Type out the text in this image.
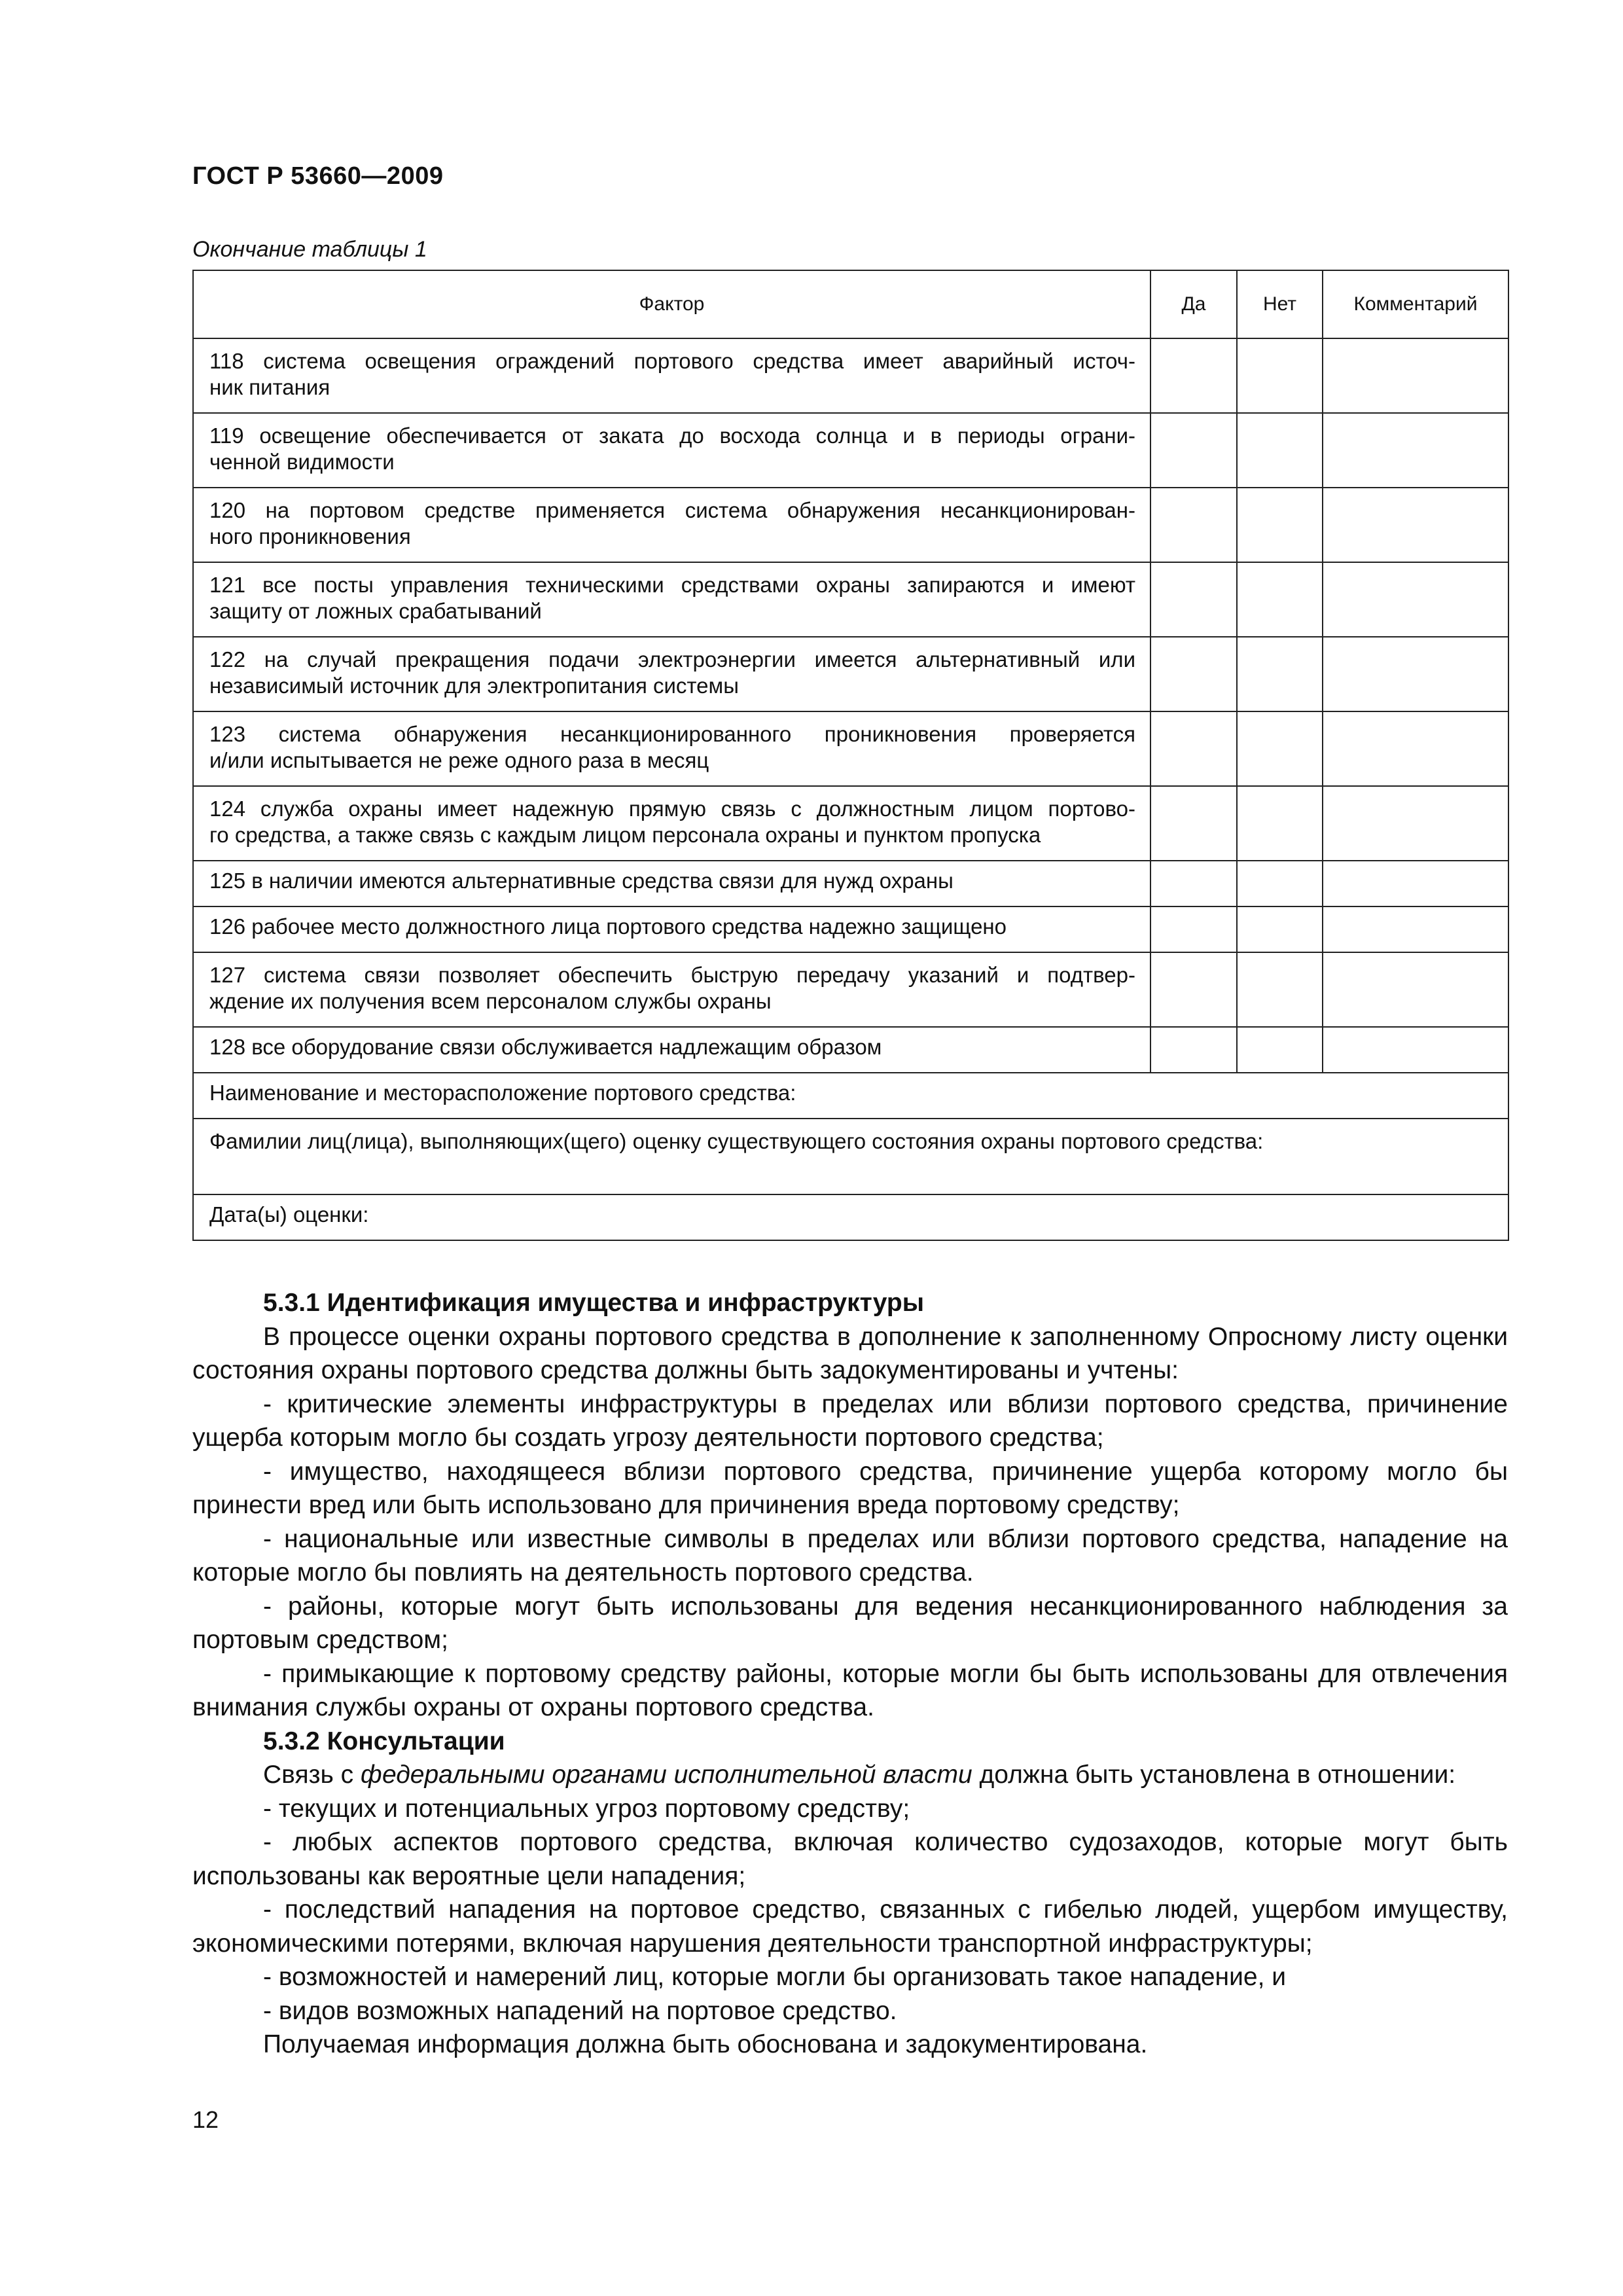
ГОСТ Р 53660—2009
Окончание таблицы 1
Фактор	Да	Нет	Комментарий

118 система освещения ограждений портового средства имеет аварийный источ-
ник питания			

119 освещение обеспечивается от заката до восхода солнца и в периоды ограни-
ченной видимости			

120 на портовом средстве применяется система обнаружения несанкционирован-
ного проникновения			

121 все посты управления техническими средствами охраны запираются и имеют
защиту от ложных срабатываний			

122 на случай прекращения подачи электроэнергии имеется альтернативный или
независимый источник для электропитания системы			

123 система обнаружения несанкционированного проникновения проверяется
и/или испытывается не реже одного раза в месяц			

124 служба охраны имеет надежную прямую связь с должностным лицом портово-
го средства, а также связь с каждым лицом персонала охраны и пунктом пропуска			

125 в наличии имеются альтернативные средства связи для нужд охраны			

126 рабочее место должностного лица портового средства надежно защищено			

127 система связи позволяет обеспечить быструю передачу указаний и подтвер-
ждение их получения всем персоналом службы охраны			

128 все оборудование связи обслуживается надлежащим образом			

Наименование и месторасположение портового средства:			
Фамилии лиц(лица), выполняющих(щего) оценку существующего состояния охраны портового средства:			
Дата(ы) оценки:			
5.3.1 Идентификация имущества и инфраструктуры

В процессе оценки охраны портового средства в дополнение к заполненному Опросному листу оценки состояния охраны портового средства должны быть задокументированы и учтены:

- критические элементы инфраструктуры в пределах или вблизи портового средства, причинение ущерба которым могло бы создать угрозу деятельности портового средства;

- имущество, находящееся вблизи портового средства, причинение ущерба которому могло бы принести вред или быть использовано для причинения вреда портовому средству;

- национальные или известные символы в пределах или вблизи портового средства, нападение на которые могло бы повлиять на деятельность портового средства.

- районы, которые могут быть использованы для ведения несанкционированного наблюдения за портовым средством;

- примыкающие к портовому средству районы, которые могли бы быть использованы для отвлечения внимания службы охраны от охраны портового средства.

5.3.2 Консультации

Связь с федеральными органами исполнительной власти должна быть установлена в отношении:

- текущих и потенциальных угроз портовому средству;

- любых аспектов портового средства, включая количество судозаходов, которые могут быть использованы как вероятные цели нападения;

- последствий нападения на портовое средство, связанных с гибелью людей, ущербом имуществу, экономическими потерями, включая нарушения деятельности транспортной инфраструктуры;

- возможностей и намерений лиц, которые могли бы организовать такое нападение, и

- видов возможных нападений на портовое средство.

Получаемая информация должна быть обоснована и задокументирована.

12
